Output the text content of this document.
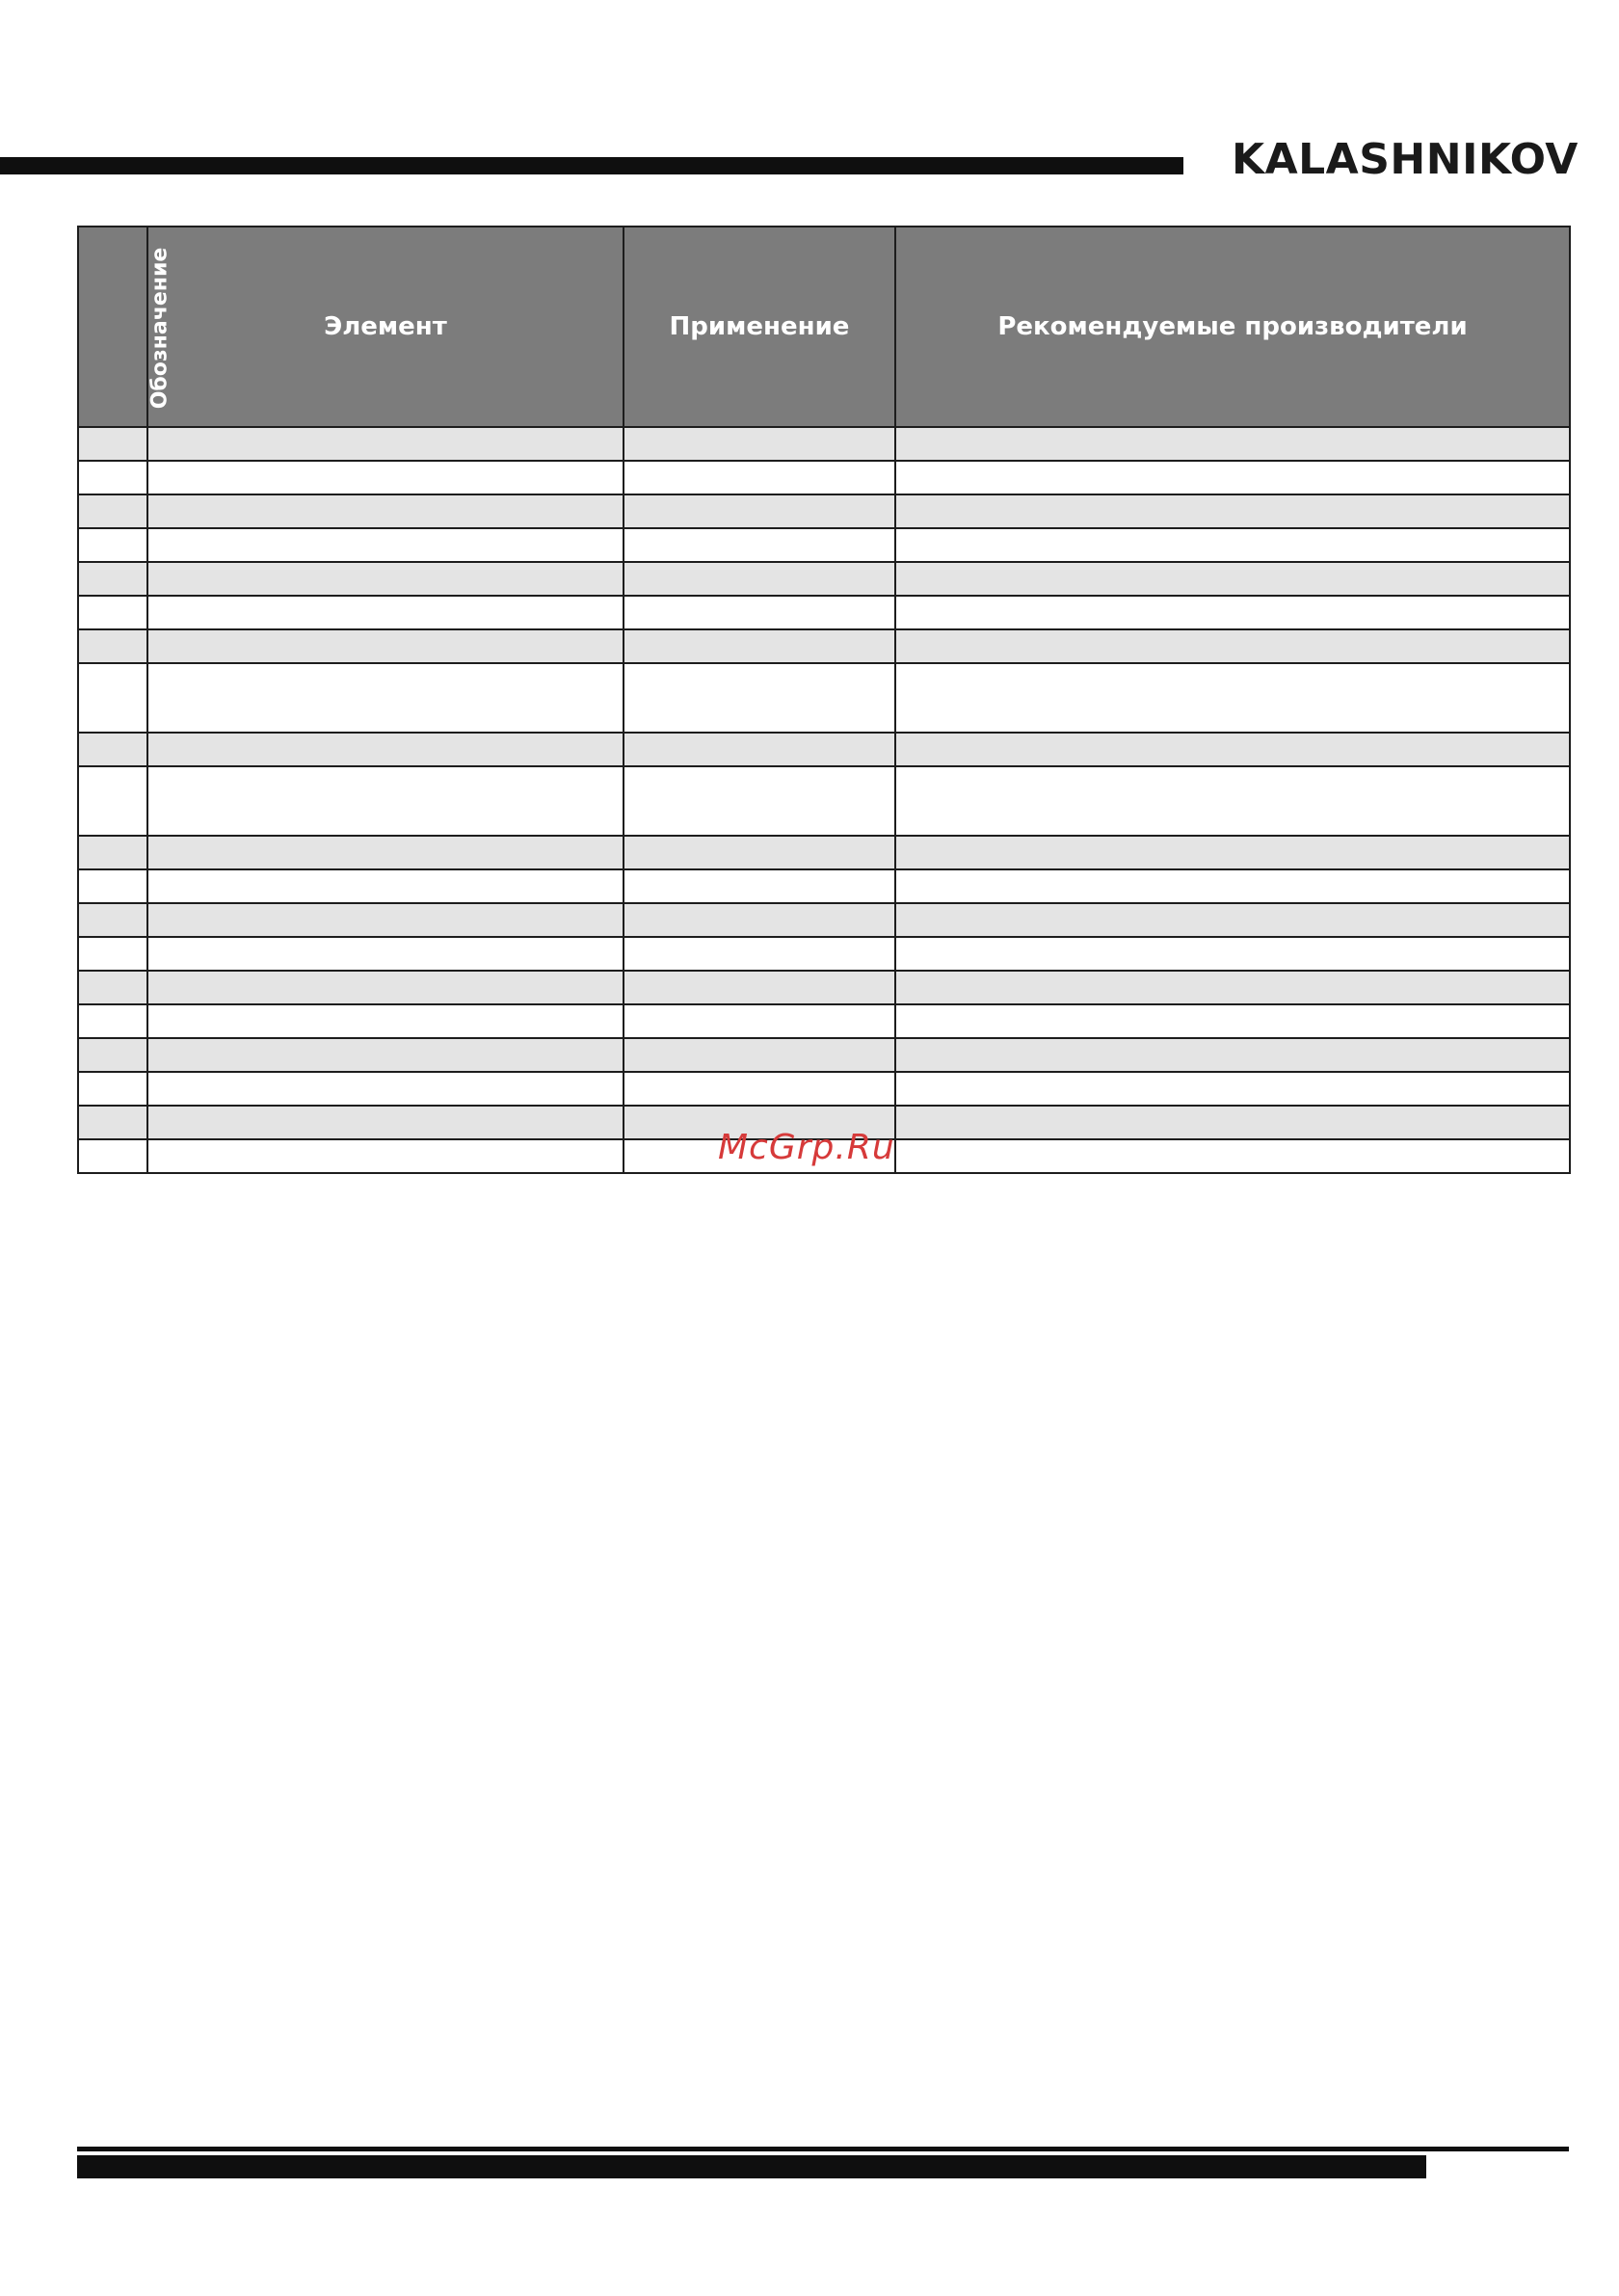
KALASHNIKOV
Обозначение	Элемент	Применение	Рекомендуемые производители

McGrp.Ru
